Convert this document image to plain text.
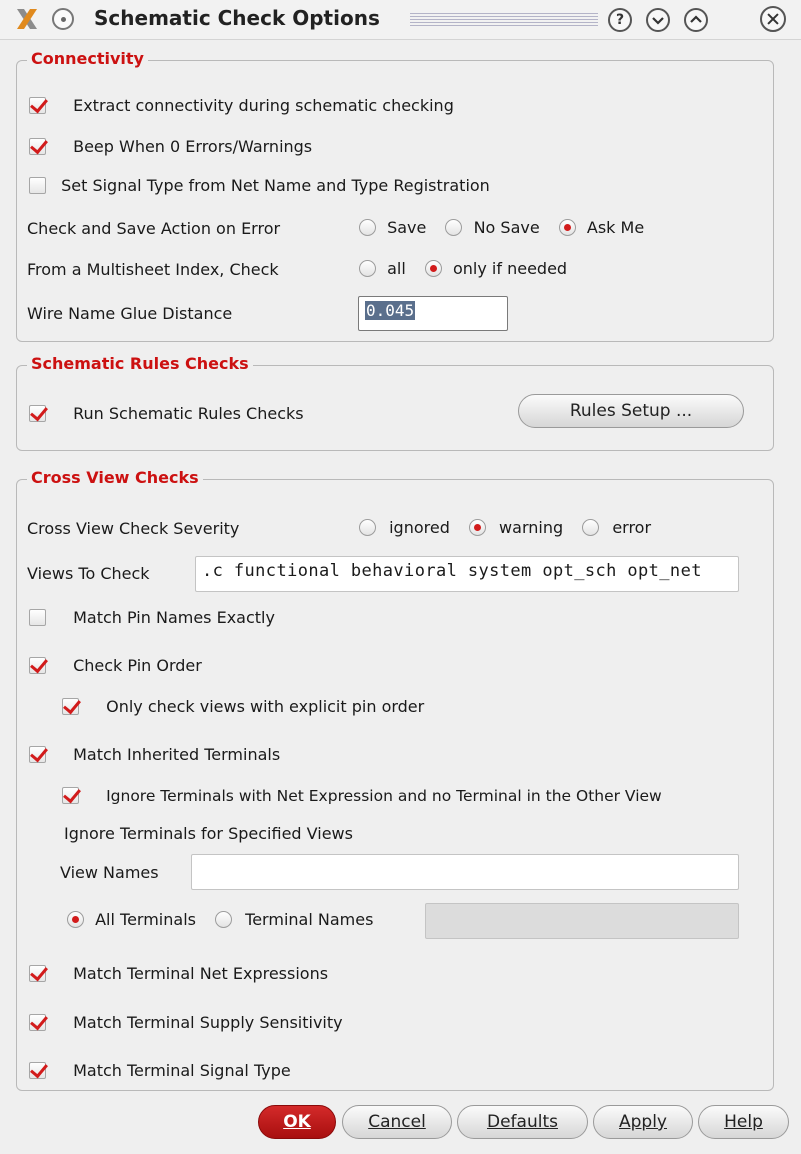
Schematic Check Options	?
Connectivity
Extract connectivity during schematic checking
Beep When 0 Errors/Warnings
Set Signal Type from Net Name and Type Registration
Check and Save Action on Error	Save	No Save	Ask Me
From a Multisheet Index, Check	all	only if needed
Wire Name Glue Distance	0.045
Schematic Rules Checks
Run Schematic Rules Checks	Rules Setup ...
Cross View Checks
Cross View Check Severity	ignored	warning	error
Views To Check	.c functional behavioral system opt_sch opt_net
Match Pin Names Exactly
Check Pin Order
Only check views with explicit pin order
Match Inherited Terminals
Ignore Terminals with Net Expression and no Terminal in the Other View
Ignore Terminals for Specified Views
View Names
All Terminals	Terminal Names
Match Terminal Net Expressions
Match Terminal Supply Sensitivity
Match Terminal Signal Type
OK	Cancel	Defaults	Apply	Help
